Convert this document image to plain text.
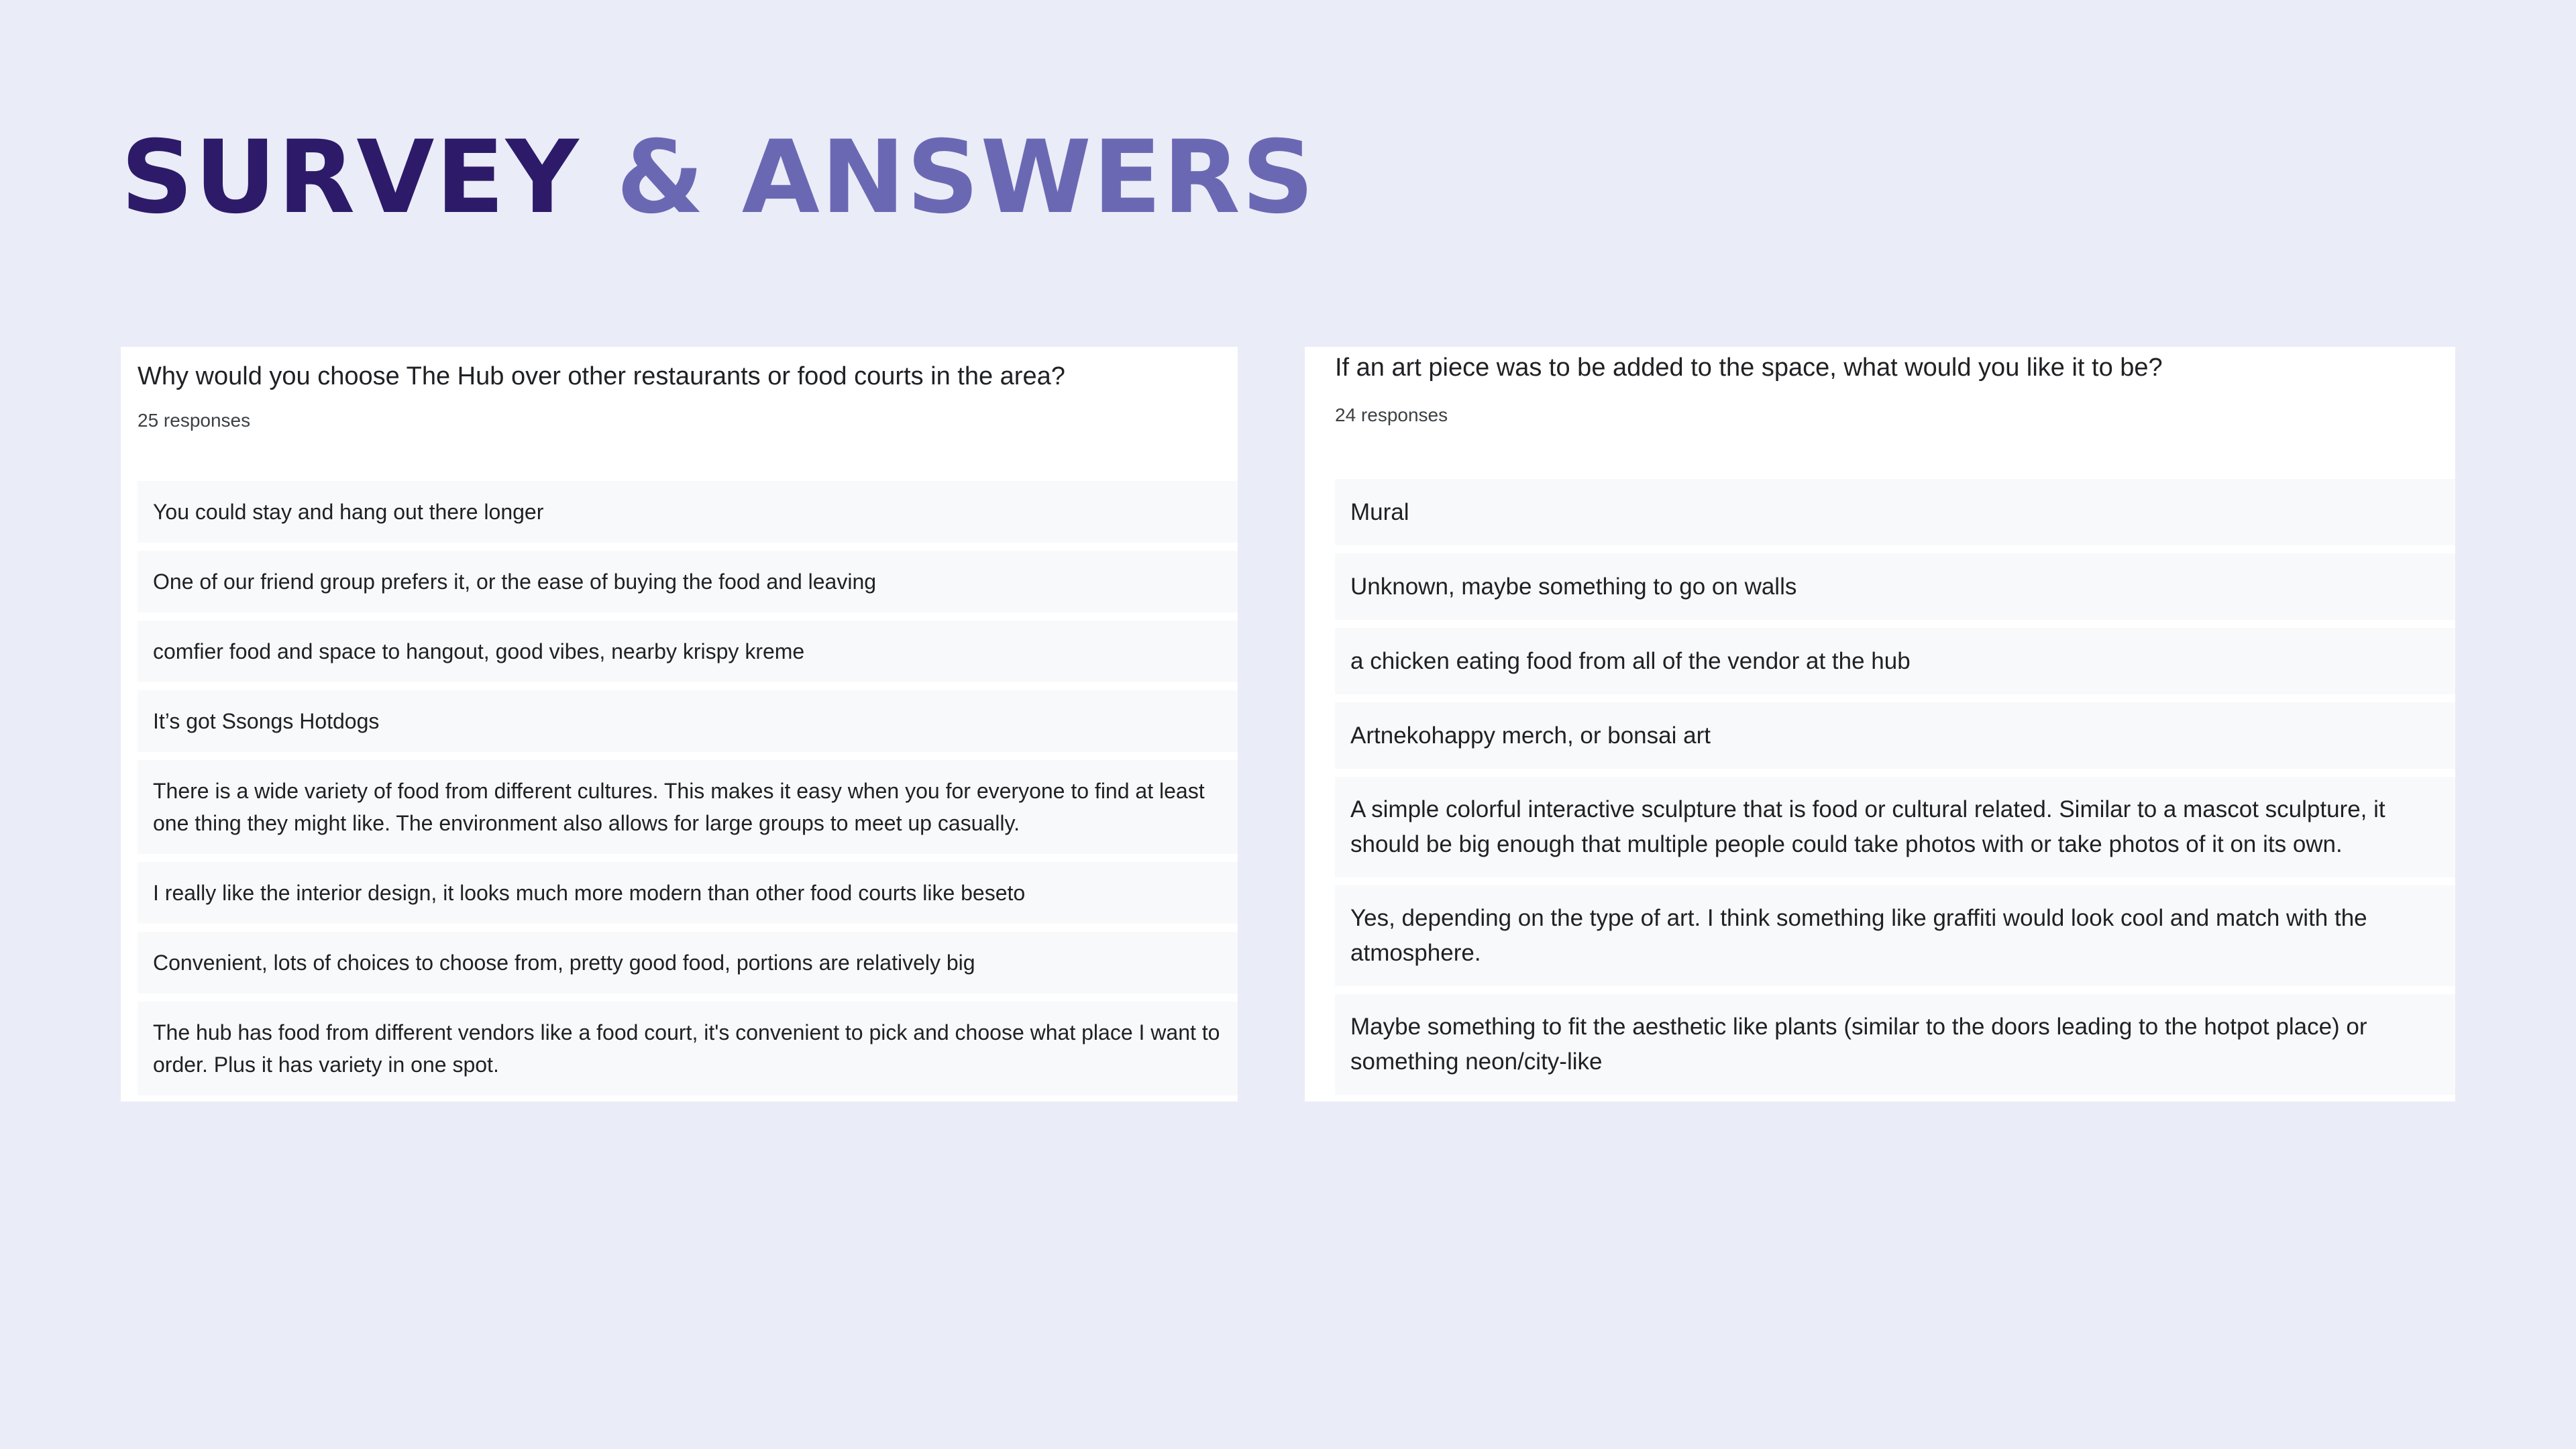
SURVEY & ANSWERS
Why would you choose The Hub over other restaurants or food courts in the area?
25 responses
You could stay and hang out there longer
One of our friend group prefers it, or the ease of buying the food and leaving
comfier food and space to hangout, good vibes, nearby krispy kreme
It’s got Ssongs Hotdogs
There is a wide variety of food from different cultures. This makes it easy when you for everyone to find at least one thing they might like. The environment also allows for large groups to meet up casually.
I really like the interior design, it looks much more modern than other food courts like beseto
Convenient, lots of choices to choose from, pretty good food, portions are relatively big
The hub has food from different vendors like a food court, it's convenient to pick and choose what place I want to order. Plus it has variety in one spot.
If an art piece was to be added to the space, what would you like it to be?
24 responses
Mural
Unknown, maybe something to go on walls
a chicken eating food from all of the vendor at the hub
Artnekohappy merch, or bonsai art
A simple colorful interactive sculpture that is food or cultural related. Similar to a mascot sculpture, it should be big enough that multiple people could take photos with or take photos of it on its own.
Yes, depending on the type of art. I think something like graffiti would look cool and match with the atmosphere.
Maybe something to fit the aesthetic like plants (similar to the doors leading to the hotpot place) or something neon/city-like
